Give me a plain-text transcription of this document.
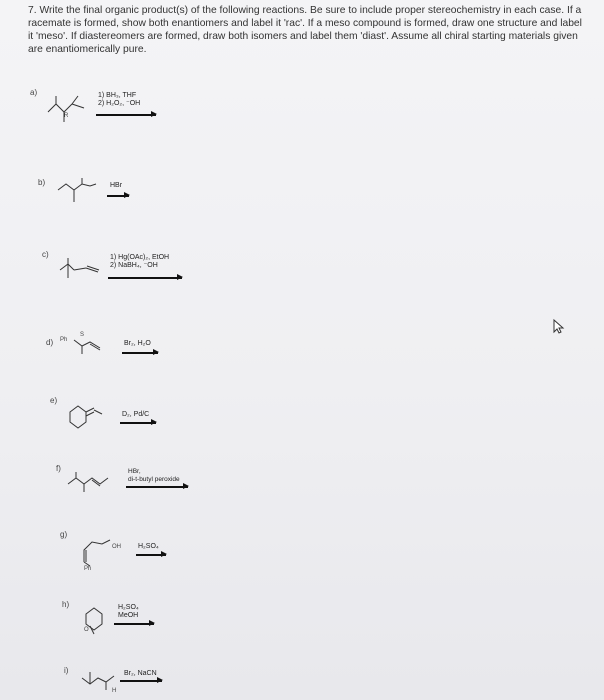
7. Write the final organic product(s) of the following reactions. Be sure to include proper stereochemistry in each case. If a

racemate is formed, show both enantiomers and label it 'rac'. If a meso compound is formed, draw one structure and label

it 'meso'. If diastereomers are formed, draw both isomers and label them 'diast'. Assume all chiral starting materials given

are enantiomerically pure.

a)
R
1) BH₃, THF
2) H₂O₂, ⁻OH
b)	HBr
c)	1) Hg(OAc)₂, EtOH
2) NaBH₄, ⁻OH
d) Ph
S
Br₂, H₂O
e)
D₂, Pd/C
f)	HBr,
di-t-butyl peroxide
g)
OH
Ph
H₂SO₄
h)
O
H₂SO₄
MeOH
i)
H
Br₂, NaCN
